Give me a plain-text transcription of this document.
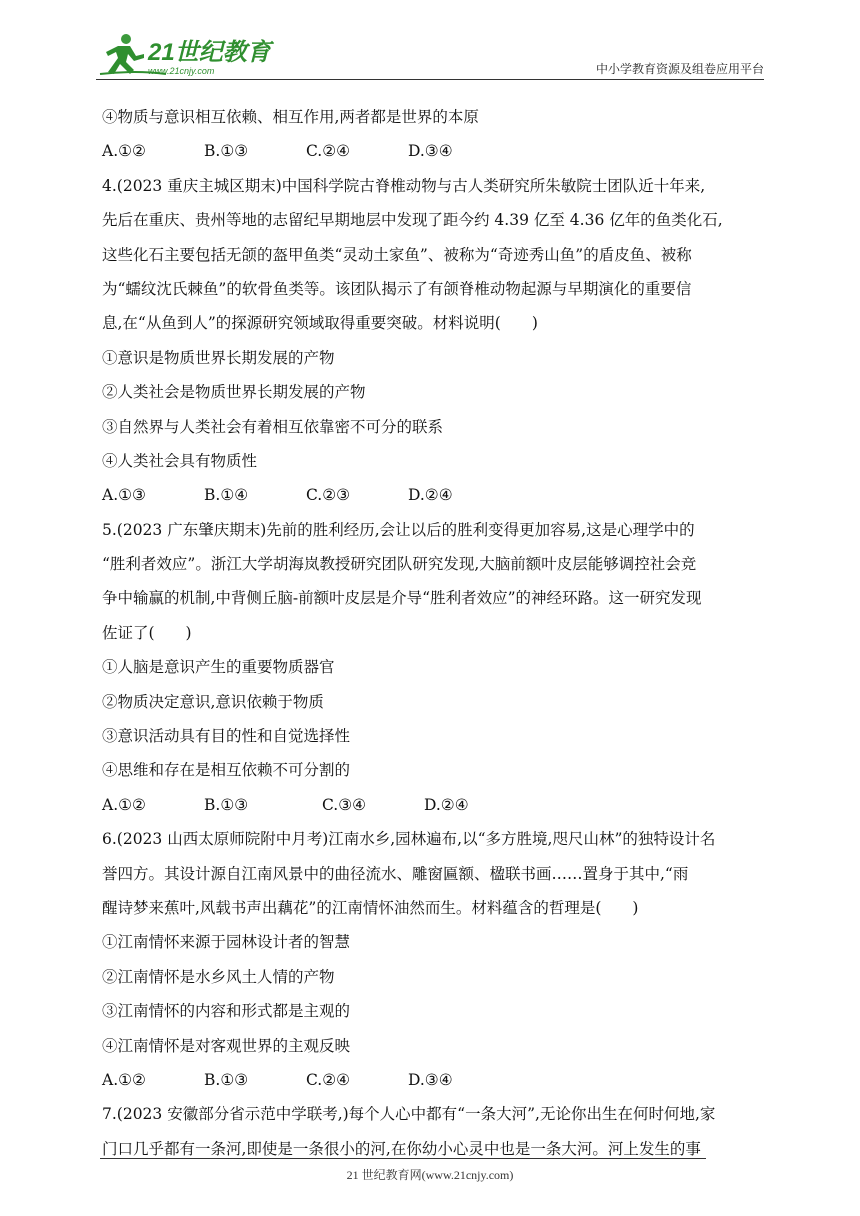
21世纪教育
www.21cnjy.com	中小学教育资源及组卷应用平台
④物质与意识相互依赖、相互作用,两者都是世界的本原
A.①②	B.①③	C.②④	D.③④
4.(2023 重庆主城区期末)中国科学院古脊椎动物与古人类研究所朱敏院士团队近十年来,
先后在重庆、贵州等地的志留纪早期地层中发现了距今约 4.39 亿至 4.36 亿年的鱼类化石,
这些化石主要包括无颌的盔甲鱼类“灵动土家鱼”、被称为“奇迹秀山鱼”的盾皮鱼、被称
为“蠕纹沈氏棘鱼”的软骨鱼类等。该团队揭示了有颌脊椎动物起源与早期演化的重要信
息,在“从鱼到人”的探源研究领域取得重要突破。材料说明(　　)
①意识是物质世界长期发展的产物
②人类社会是物质世界长期发展的产物
③自然界与人类社会有着相互依靠密不可分的联系
④人类社会具有物质性
A.①③	B.①④	C.②③	D.②④
5.(2023 广东肇庆期末)先前的胜利经历,会让以后的胜利变得更加容易,这是心理学中的
“胜利者效应”。浙江大学胡海岚教授研究团队研究发现,大脑前额叶皮层能够调控社会竞
争中输赢的机制,中背侧丘脑-前额叶皮层是介导“胜利者效应”的神经环路。这一研究发现
佐证了(　　)
①人脑是意识产生的重要物质器官
②物质决定意识,意识依赖于物质
③意识活动具有目的性和自觉选择性
④思维和存在是相互依赖不可分割的
A.①②	B.①③	C.③④	D.②④
6.(2023 山西太原师院附中月考)江南水乡,园林遍布,以“多方胜境,咫尺山林”的独特设计名
誉四方。其设计源自江南风景中的曲径流水、雕窗匾额、楹联书画……置身于其中,“雨
醒诗梦来蕉叶,风载书声出藕花”的江南情怀油然而生。材料蕴含的哲理是(　　)
①江南情怀来源于园林设计者的智慧
②江南情怀是水乡风土人情的产物
③江南情怀的内容和形式都是主观的
④江南情怀是对客观世界的主观反映
A.①②	B.①③	C.②④	D.③④
7.(2023 安徽部分省示范中学联考,)每个人心中都有“一条大河”,无论你出生在何时何地,家
门口几乎都有一条河,即使是一条很小的河,在你幼小心灵中也是一条大河。河上发生的事
21 世纪教育网(www.21cnjy.com)
